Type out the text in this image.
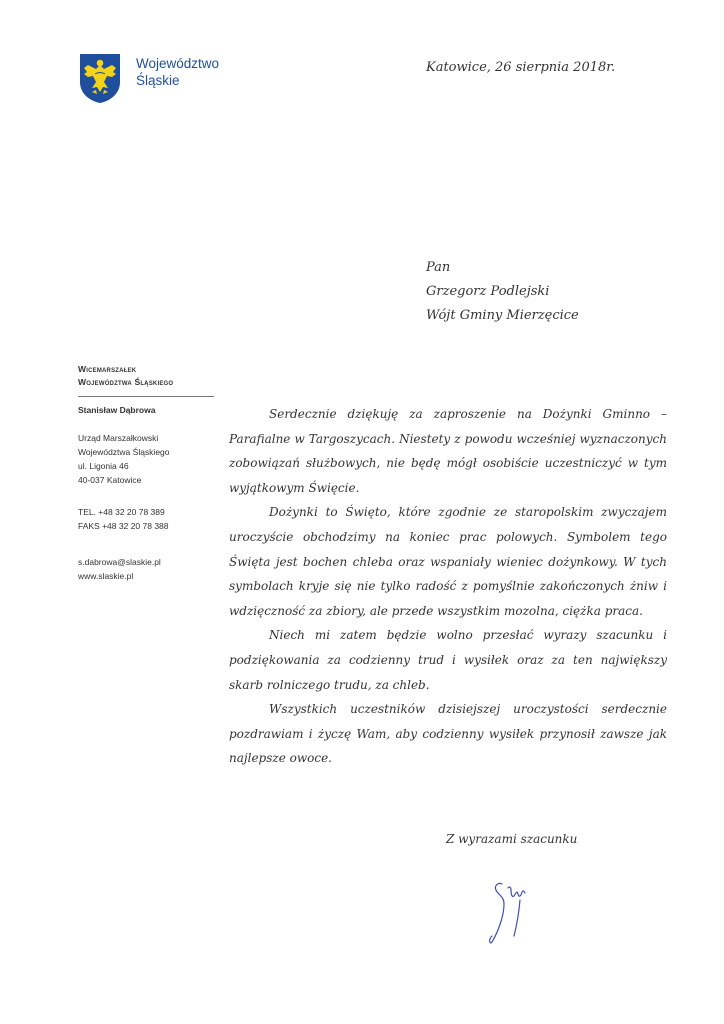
Województwo
Śląskie
Katowice, 26 sierpnia 2018r.
Pan
Grzegorz Podlejski
Wójt Gminy Mierzęcice
Wicemarszałek
Województwa Śląskiego
Stanisław Dąbrowa
Urząd Marszałkowski
Województwa Śląskiego
ul. Ligonia 46
40-037 Katowice
TEL. +48 32 20 78 389
FAKS +48 32 20 78 388
s.dabrowa@slaskie.pl
www.slaskie.pl

Serdecznie dziękuję za zaproszenie na Dożynki Gminno – Parafialne w Targoszycach. Niestety z powodu wcześniej wyznaczonych zobowiązań służbowych, nie będę mógł osobiście uczestniczyć w tym wyjątkowym Święcie.

Dożynki to Święto, które zgodnie ze staropolskim zwyczajem uroczyście obchodzimy na koniec prac polowych. Symbolem tego Święta jest bochen chleba oraz wspaniały wieniec dożynkowy. W tych symbolach kryje się nie tylko radość z pomyślnie zakończonych żniw i wdzięczność za zbiory, ale przede wszystkim mozolna, ciężka praca.

Niech mi zatem będzie wolno przesłać wyrazy szacunku i podziękowania za codzienny trud i wysiłek oraz za ten największy skarb rolniczego trudu, za chleb.

Wszystkich uczestników dzisiejszej uroczystości serdecznie pozdrawiam i życzę Wam, aby codzienny wysiłek przynosił zawsze jak najlepsze owoce.

Z wyrazami szacunku
